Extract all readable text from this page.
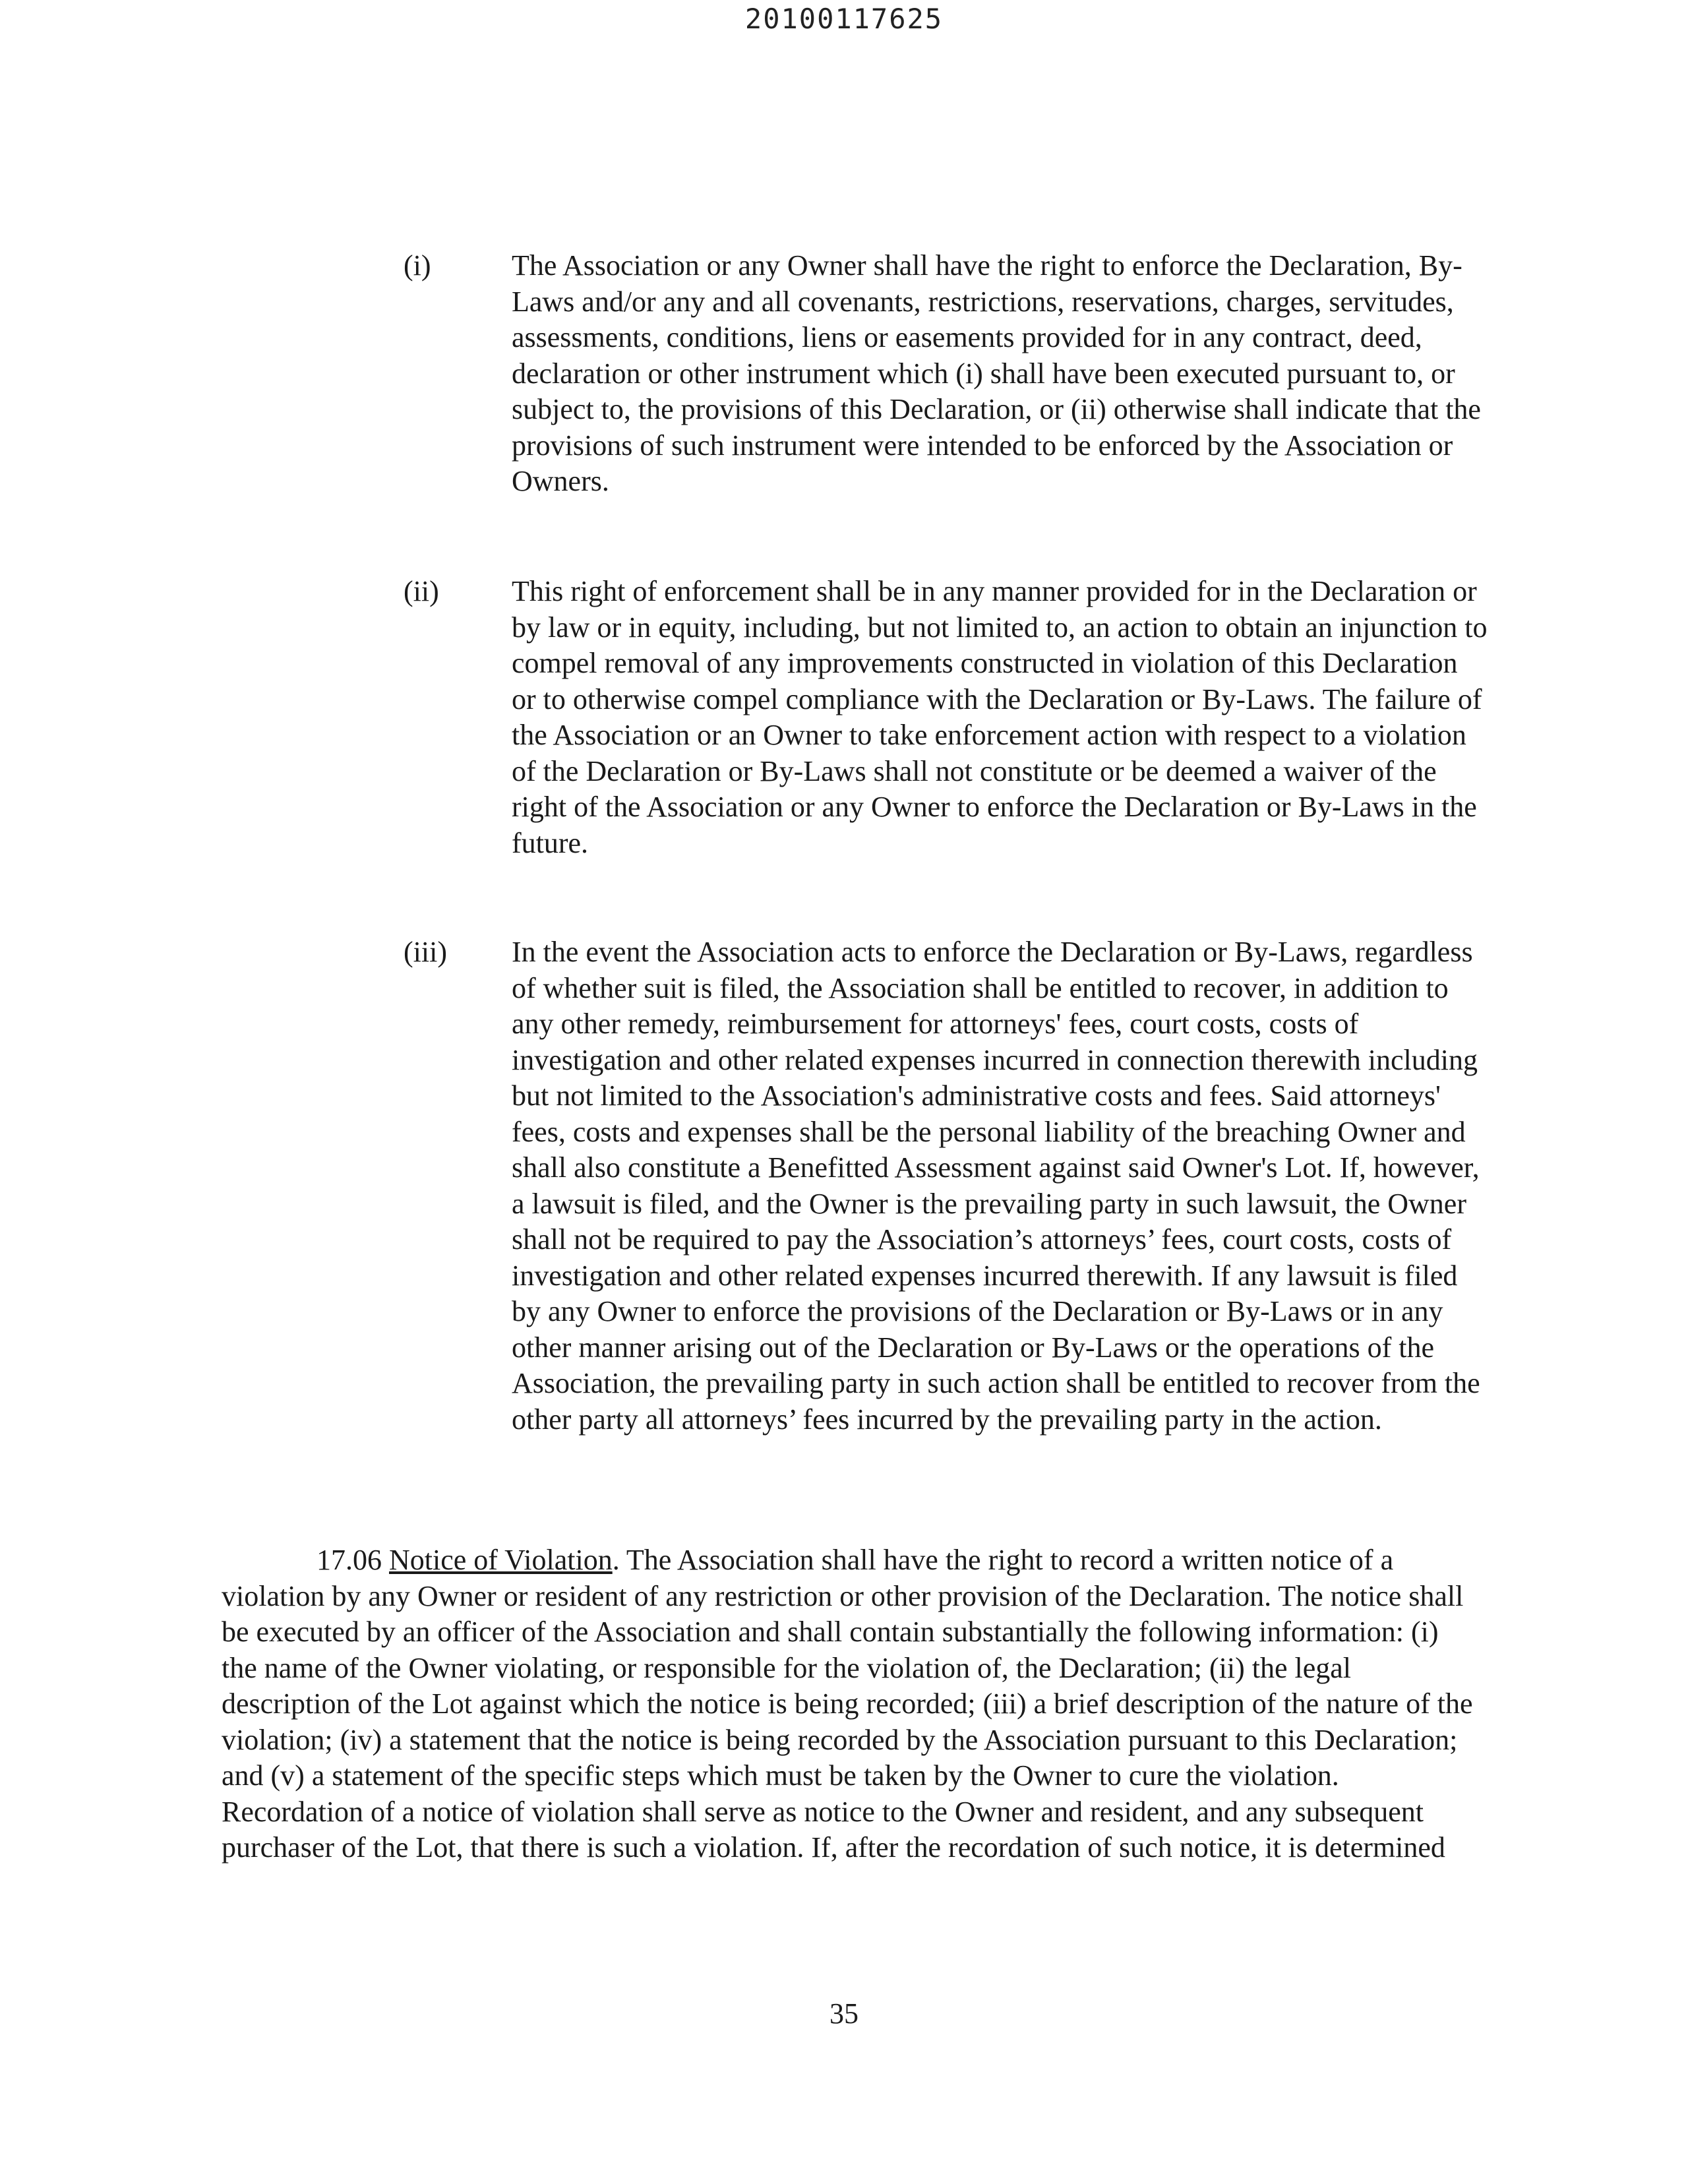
20100117625
(i)	The Association or any Owner shall have the right to enforce the Declaration, By-Laws and/or any and all covenants, restrictions, reservations, charges, servitudes, assessments, conditions, liens or easements provided for in any contract, deed, declaration or other instrument which (i) shall have been executed pursuant to, or subject to, the provisions of this Declaration, or (ii) otherwise shall indicate that the provisions of such instrument were intended to be enforced by the Association or Owners.
(ii)	This right of enforcement shall be in any manner provided for in the Declaration or by law or in equity, including, but not limited to, an action to obtain an injunction to compel removal of any improvements constructed in violation of this Declaration or to otherwise compel compliance with the Declaration or By-Laws. The failure of the Association or an Owner to take enforcement action with respect to a violation of the Declaration or By-Laws shall not constitute or be deemed a waiver of the right of the Association or any Owner to enforce the Declaration or By-Laws in the future.
(iii) In the event the Association acts to enforce the Declaration or By-Laws, regardless of whether suit is filed, the Association shall be entitled to recover, in addition to any other remedy, reimbursement for attorneys' fees, court costs, costs of investigation and other related expenses incurred in connection therewith including but not limited to the Association's administrative costs and fees. Said attorneys' fees, costs and expenses shall be the personal liability of the breaching Owner and shall also constitute a Benefitted Assessment against said Owner's Lot. If, however, a lawsuit is filed, and the Owner is the prevailing party in such lawsuit, the Owner shall not be required to pay the Association’s attorneys’ fees, court costs, costs of investigation and other related expenses incurred therewith. If any lawsuit is filed by any Owner to enforce the provisions of the Declaration or By-Laws or in any other manner arising out of the Declaration or By-Laws or the operations of the Association, the prevailing party in such action shall be entitled to recover from the other party all attorneys’ fees incurred by the prevailing party in the action.
17.06 Notice of Violation. The Association shall have the right to record a written notice of a violation by any Owner or resident of any restriction or other provision of the Declaration. The notice shall be executed by an officer of the Association and shall contain substantially the following information: (i) the name of the Owner violating, or responsible for the violation of, the Declaration; (ii) the legal description of the Lot against which the notice is being recorded; (iii) a brief description of the nature of the violation; (iv) a statement that the notice is being recorded by the Association pursuant to this Declaration; and (v) a statement of the specific steps which must be taken by the Owner to cure the violation. Recordation of a notice of violation shall serve as notice to the Owner and resident, and any subsequent purchaser of the Lot, that there is such a violation. If, after the recordation of such notice, it is determined
35
